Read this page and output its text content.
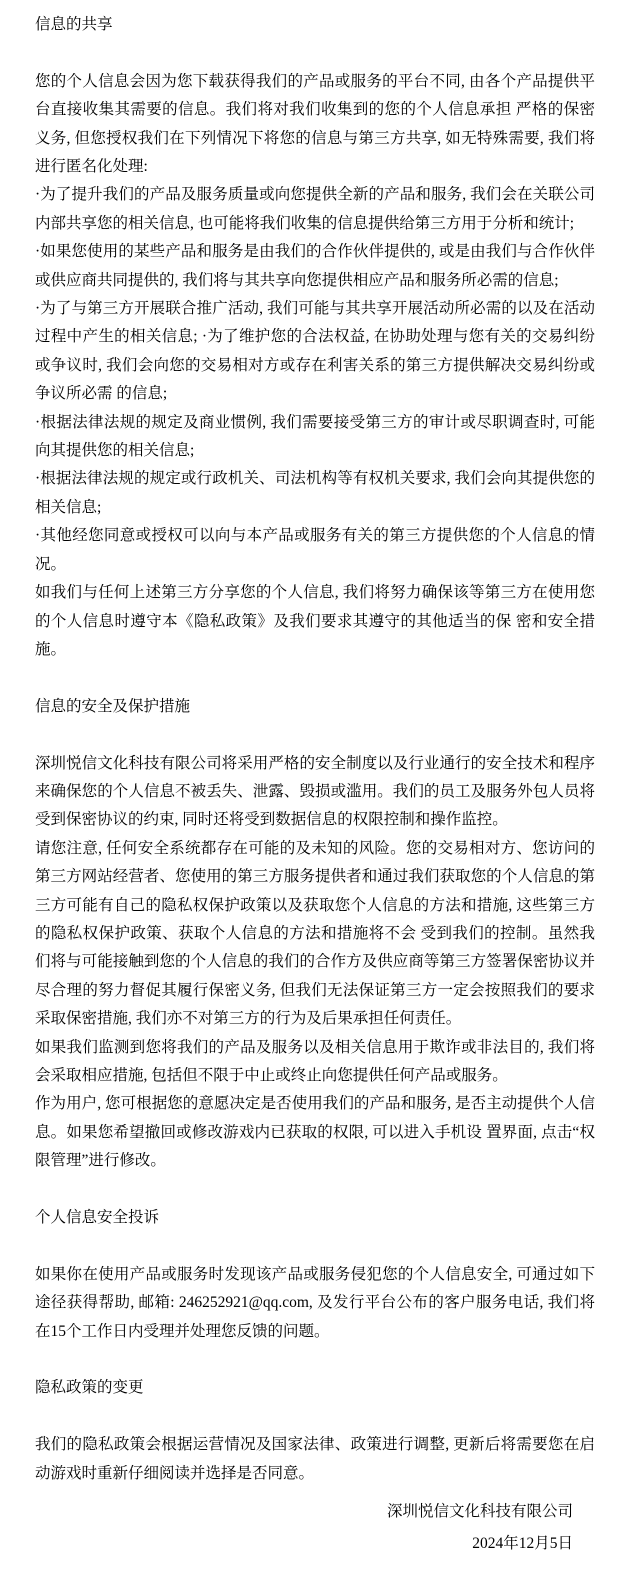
信息的共享

您的个人信息会因为您下载获得我们的产品或服务的平台不同, 由各个产品提供平台直接收集其需要的信息。我们将对我们收集到的您的个人信息承担 严格的保密义务, 但您授权我们在下列情况下将您的信息与第三方共享, 如无特殊需要, 我们将进行匿名化处理:

·为了提升我们的产品及服务质量或向您提供全新的产品和服务, 我们会在关联公司内部共享您的相关信息, 也可能将我们收集的信息提供给第三方用于分析和统计;

·如果您使用的某些产品和服务是由我们的合作伙伴提供的, 或是由我们与合作伙伴或供应商共同提供的, 我们将与其共享向您提供相应产品和服务所必需的信息;

·为了与第三方开展联合推广活动, 我们可能与其共享开展活动所必需的以及在活动过程中产生的相关信息; ·为了维护您的合法权益, 在协助处理与您有关的交易纠纷或争议时, 我们会向您的交易相对方或存在利害关系的第三方提供解决交易纠纷或争议所必需 的信息;

·根据法律法规的规定及商业惯例, 我们需要接受第三方的审计或尽职调查时, 可能向其提供您的相关信息;

·根据法律法规的规定或行政机关、司法机构等有权机关要求, 我们会向其提供您的相关信息;

·其他经您同意或授权可以向与本产品或服务有关的第三方提供您的个人信息的情况。

如我们与任何上述第三方分享您的个人信息, 我们将努力确保该等第三方在使用您的个人信息时遵守本《隐私政策》及我们要求其遵守的其他适当的保 密和安全措施。

信息的安全及保护措施

深圳悦信文化科技有限公司将采用严格的安全制度以及行业通行的安全技术和程序来确保您的个人信息不被丢失、泄露、毁损或滥用。我们的员工及服务外包人员将受到保密协议的约束, 同时还将受到数据信息的权限控制和操作监控。

请您注意, 任何安全系统都存在可能的及未知的风险。您的交易相对方、您访问的第三方网站经营者、您使用的第三方服务提供者和通过我们获取您的个人信息的第三方可能有自己的隐私权保护政策以及获取您个人信息的方法和措施, 这些第三方的隐私权保护政策、获取个人信息的方法和措施将不会 受到我们的控制。虽然我们将与可能接触到您的个人信息的我们的合作方及供应商等第三方签署保密协议并尽合理的努力督促其履行保密义务, 但我们无法保证第三方一定会按照我们的要求采取保密措施, 我们亦不对第三方的行为及后果承担任何责任。

如果我们监测到您将我们的产品及服务以及相关信息用于欺诈或非法目的, 我们将会采取相应措施, 包括但不限于中止或终止向您提供任何产品或服务。

作为用户, 您可根据您的意愿决定是否使用我们的产品和服务, 是否主动提供个人信息。如果您希望撤回或修改游戏内已获取的权限, 可以进入手机设 置界面, 点击“权限管理”进行修改。

个人信息安全投诉

如果你在使用产品或服务时发现该产品或服务侵犯您的个人信息安全, 可通过如下途径获得帮助, 邮箱: 246252921@qq.com, 及发行平台公布的客户服务电话, 我们将在15个工作日内受理并处理您反馈的问题。

隐私政策的变更

我们的隐私政策会根据运营情况及国家法律、政策进行调整, 更新后将需要您在启动游戏时重新仔细阅读并选择是否同意。

深圳悦信文化科技有限公司
2024年12月5日
